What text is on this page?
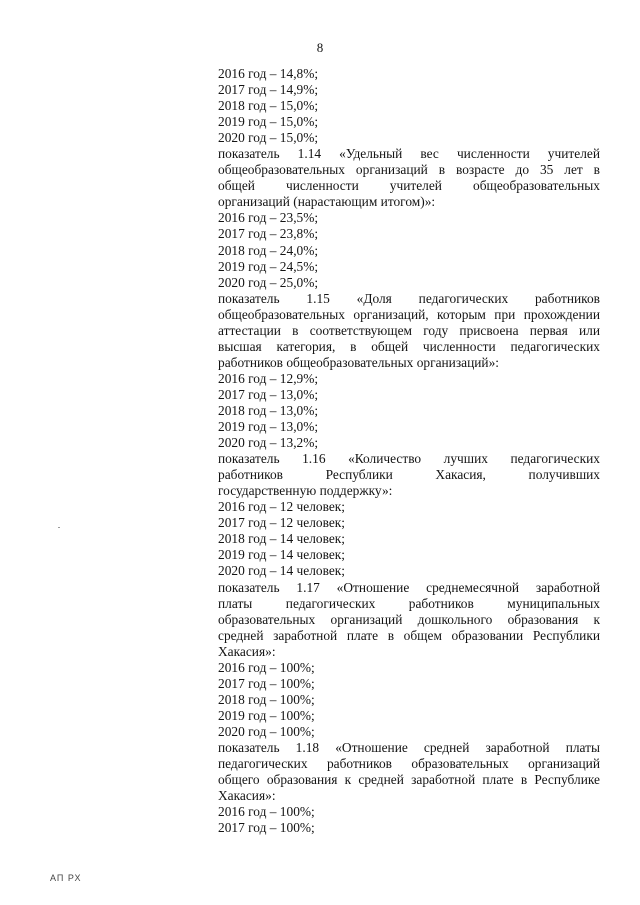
8
2016 год – 14,8%;
2017 год – 14,9%;
2018 год – 15,0%;
2019 год – 15,0%;
2020 год – 15,0%;
показатель 1.14 «Удельный вес численности учителей
общеобразовательных организаций в возрасте до 35 лет в
общей численности учителей общеобразовательных
организаций (нарастающим итогом)»:
2016 год – 23,5%;
2017 год – 23,8%;
2018 год – 24,0%;
2019 год – 24,5%;
2020 год – 25,0%;
показатель 1.15 «Доля педагогических работников
общеобразовательных организаций, которым при прохождении
аттестации в соответствующем году присвоена первая или
высшая категория, в общей численности педагогических
работников общеобразовательных организаций»:
2016 год – 12,9%;
2017 год – 13,0%;
2018 год – 13,0%;
2019 год – 13,0%;
2020 год – 13,2%;
показатель 1.16 «Количество лучших педагогических
работников Республики Хакасия, получивших
государственную поддержку»:
2016 год – 12 человек;
2017 год – 12 человек;
2018 год – 14 человек;
2019 год – 14 человек;
2020 год – 14 человек;
показатель 1.17 «Отношение среднемесячной заработной
платы педагогических работников муниципальных
образовательных организаций дошкольного образования к
средней заработной плате в общем образовании Республики
Хакасия»:
2016 год – 100%;
2017 год – 100%;
2018 год – 100%;
2019 год – 100%;
2020 год – 100%;
показатель 1.18 «Отношение средней заработной платы
педагогических работников образовательных организаций
общего образования к средней заработной плате в Республике
Хакасия»:
2016 год – 100%;
2017 год – 100%;
АП РХ
